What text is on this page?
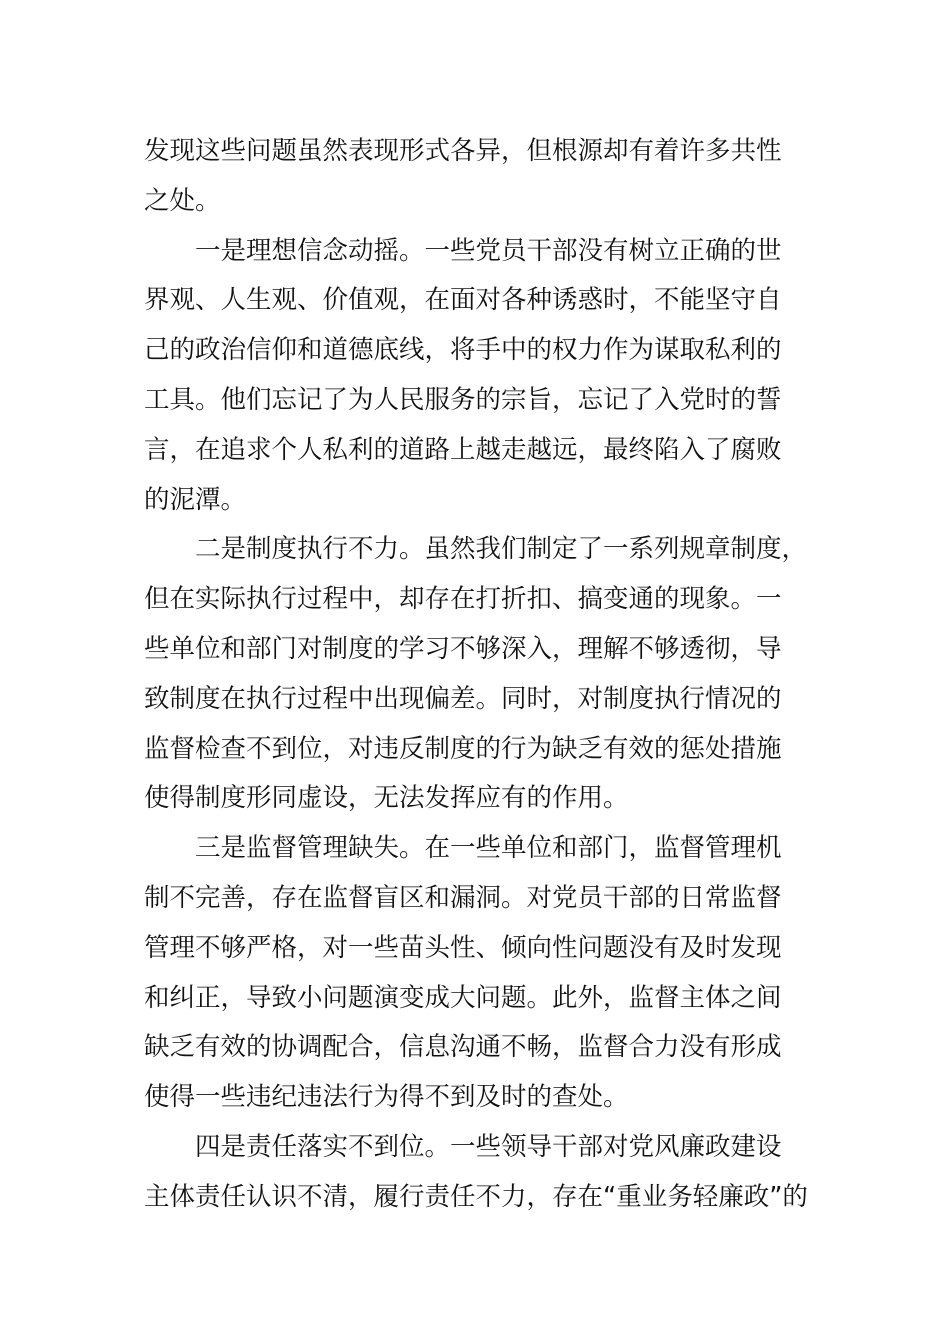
发现这些问题虽然表现形式各异，但根源却有着许多共性
之处。
一是理想信念动摇。一些党员干部没有树立正确的世
界观、人生观、价值观，在面对各种诱惑时，不能坚守自
己的政治信仰和道德底线，将手中的权力作为谋取私利的
工具。他们忘记了为人民服务的宗旨，忘记了入党时的誓
言，在追求个人私利的道路上越走越远，最终陷入了腐败
的泥潭。
二是制度执行不力。虽然我们制定了一系列规章制度，
但在实际执行过程中，却存在打折扣、搞变通的现象。一
些单位和部门对制度的学习不够深入，理解不够透彻，导
致制度在执行过程中出现偏差。同时，对制度执行情况的
监督检查不到位，对违反制度的行为缺乏有效的惩处措施
使得制度形同虚设，无法发挥应有的作用。
三是监督管理缺失。在一些单位和部门，监督管理机
制不完善，存在监督盲区和漏洞。对党员干部的日常监督
管理不够严格，对一些苗头性、倾向性问题没有及时发现
和纠正，导致小问题演变成大问题。此外，监督主体之间
缺乏有效的协调配合，信息沟通不畅，监督合力没有形成
使得一些违纪违法行为得不到及时的查处。
四是责任落实不到位。一些领导干部对党风廉政建设
主体责任认识不清，履行责任不力，存在“重业务轻廉政”的
